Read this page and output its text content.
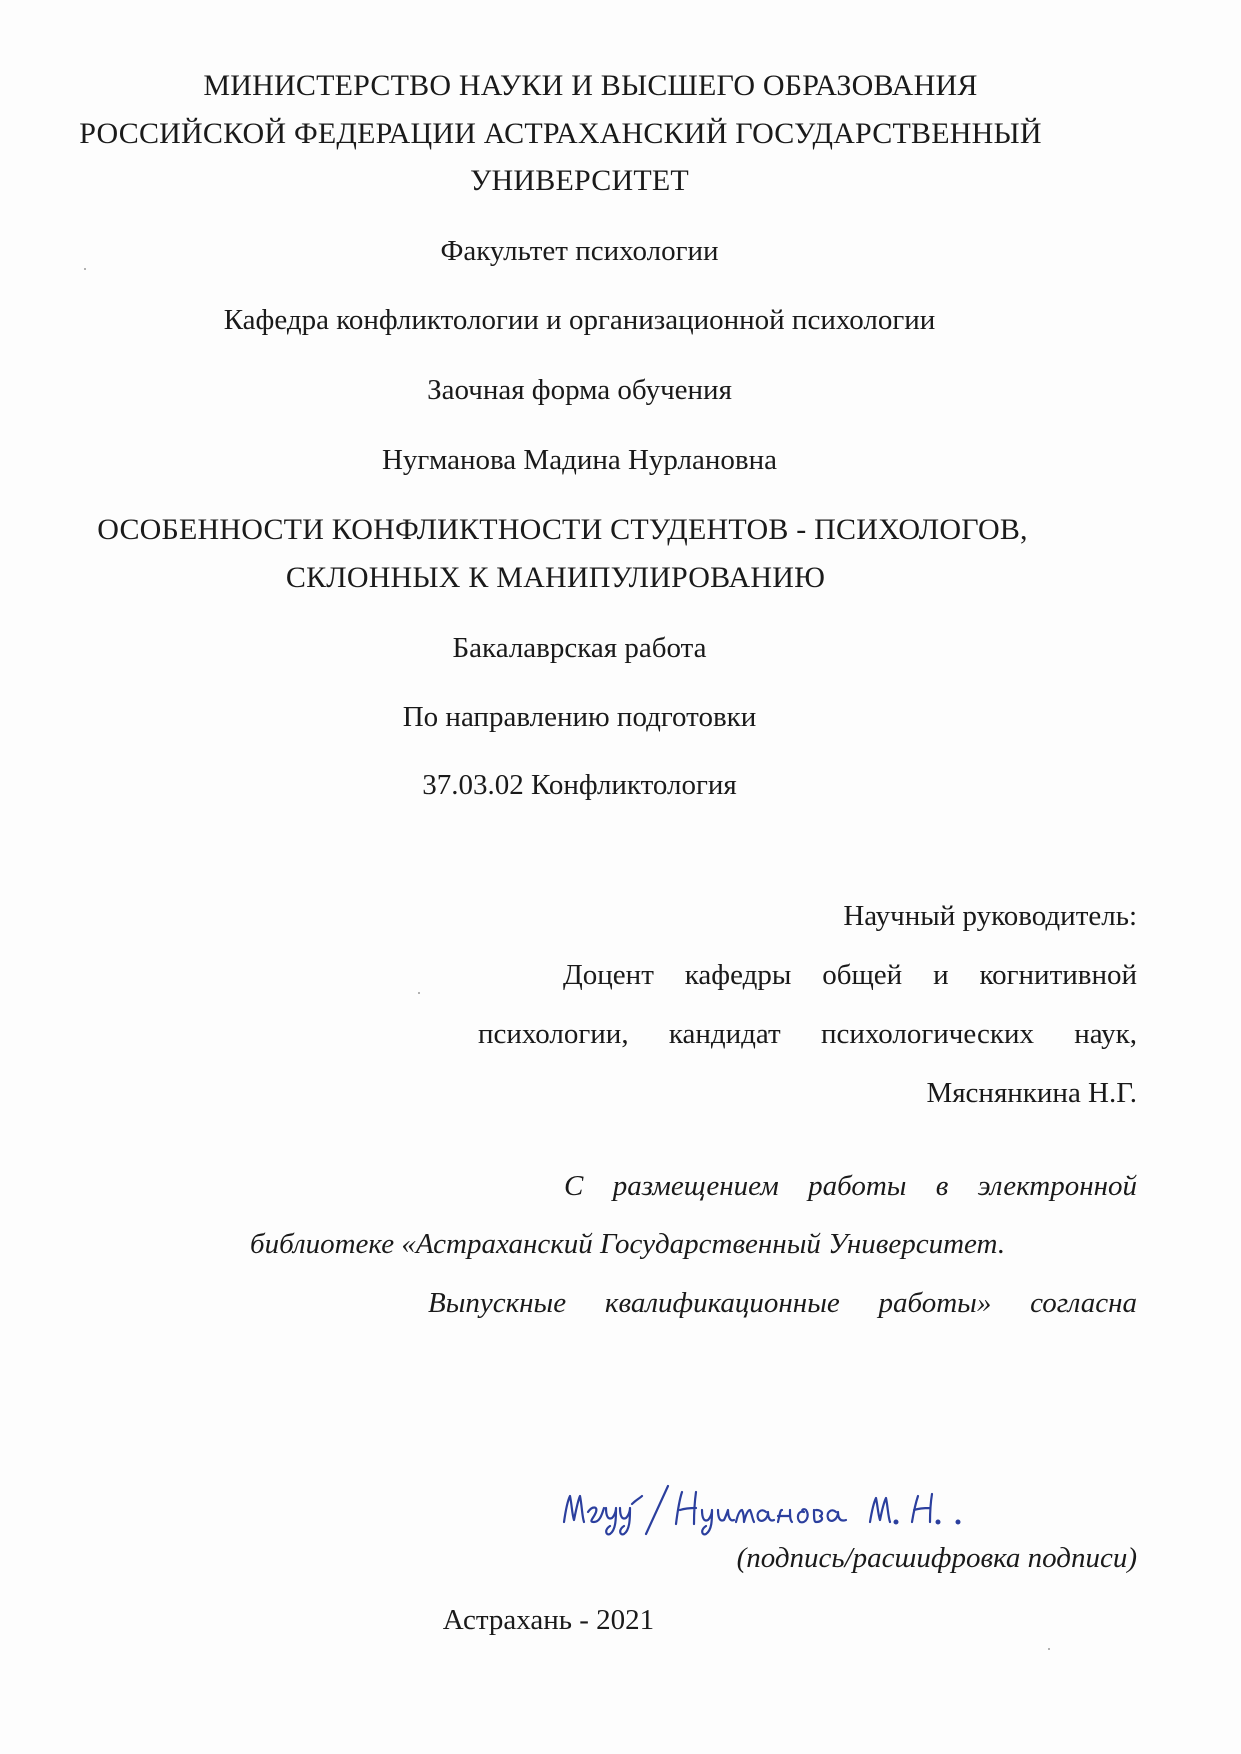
МИНИСТЕРСТВО НАУКИ И ВЫСШЕГО ОБРАЗОВАНИЯ
РОССИЙСКОЙ ФЕДЕРАЦИИ АСТРАХАНСКИЙ ГОСУДАРСТВЕННЫЙ
УНИВЕРСИТЕТ
Факультет психологии
Кафедра конфликтологии и организационной психологии
Заочная форма обучения
Нугманова Мадина Нурлановна
ОСОБЕННОСТИ КОНФЛИКТНОСТИ СТУДЕНТОВ - ПСИХОЛОГОВ,
СКЛОННЫХ К МАНИПУЛИРОВАНИЮ
Бакалаврская работа
По направлению подготовки
37.03.02 Конфликтология
Научный руководитель:
Доцент кафедры общей и когнитивной
психологии, кандидат психологических наук,
Мяснянкина Н.Г.
С размещением работы в электронной
библиотеке «Астраханский Государственный Университет.
Выпускные квалификационные работы» согласна
(подпись/расшифровка подписи)
Астрахань - 2021
